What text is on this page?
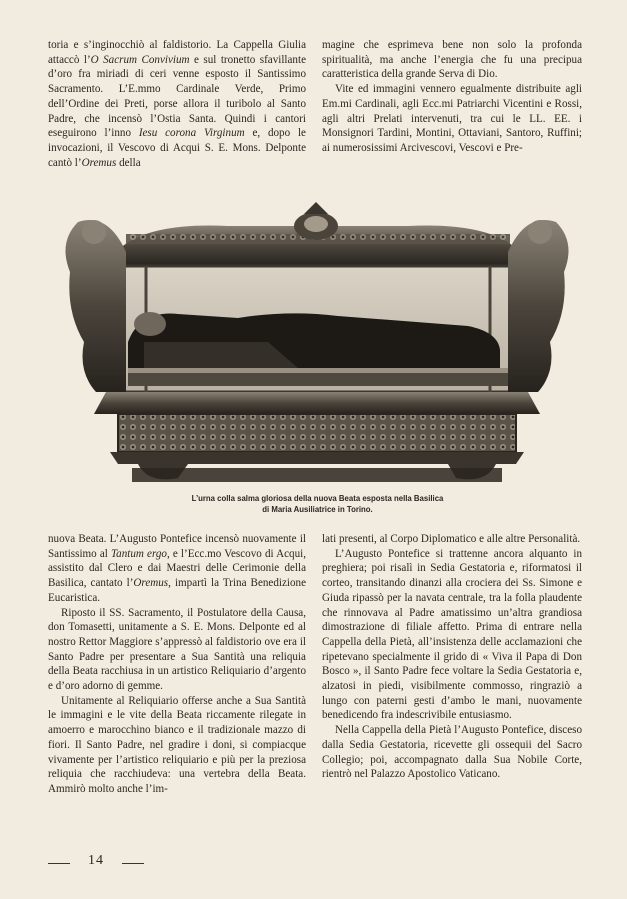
toria e s’inginocchiò al faldistorio. La Cappella Giulia attaccò l’O Sacrum Convivium e sul tronetto sfavillante d’oro fra miriadi di ceri venne esposto il Santissimo Sacramento. L’E.mmo Cardinale Verde, Primo dell’Ordine dei Preti, porse allora il turibolo al Santo Padre, che incensò l’Ostia Santa. Quindi i cantori eseguirono l’inno Iesu corona Virginum e, dopo le invocazioni, il Vescovo di Acqui S. E. Mons. Delponte cantò l’Oremus della

magine che esprimeva bene non solo la profonda spiritualità, ma anche l’energia che fu una precipua caratteristica della grande Serva di Dio.

Vite ed immagini vennero egualmente distribuite agli Em.mi Cardinali, agli Ecc.mi Patriarchi Vicentini e Rossi, agli altri Prelati intervenuti, tra cui le LL. EE. i Monsignori Tardini, Montini, Ottaviani, Santoro, Ruffini; ai numerosissimi Arcivescovi, Vescovi e Pre-

L’urna colla salma gloriosa della nuova Beata esposta nella Basilica
di Maria Ausiliatrice in Torino.

nuova Beata. L’Augusto Pontefice incensò nuovamente il Santissimo al Tantum ergo, e l’Ecc.mo Vescovo di Acqui, assistito dal Clero e dai Maestri delle Cerimonie della Basilica, cantato l’Oremus, impartì la Trina Benedizione Eucaristica.

Riposto il SS. Sacramento, il Postulatore della Causa, don Tomasetti, unitamente a S. E. Mons. Delponte ed al nostro Rettor Maggiore s’appressò al faldistorio ove era il Santo Padre per presentare a Sua Santità una reliquia della Beata racchiusa in un artistico Reliquiario d’argento e d’oro adorno di gemme.

Unitamente al Reliquiario offerse anche a Sua Santità le immagini e le vite della Beata riccamente rilegate in amoerro e marocchino bianco e il tradizionale mazzo di fiori. Il Santo Padre, nel gradire i doni, si compiacque vivamente per l’artistico reliquiario e più per la preziosa reliquia che racchiudeva: una vertebra della Beata. Ammirò molto anche l’im-

lati presenti, al Corpo Diplomatico e alle altre Personalità.

L’Augusto Pontefice si trattenne ancora alquanto in preghiera; poi risalì in Sedia Gestatoria e, riformatosi il corteo, transitando dinanzi alla crociera dei Ss. Simone e Giuda ripassò per la navata centrale, tra la folla plaudente che rinnovava al Padre amatissimo un’altra grandiosa dimostrazione di filiale affetto. Prima di entrare nella Cappella della Pietà, all’insistenza delle acclamazioni che ripetevano specialmente il grido di « Viva il Papa di Don Bosco », il Santo Padre fece voltare la Sedia Gestatoria e, alzatosi in piedi, visibilmente commosso, ringraziò a lungo con paterni gesti d’ambo le mani, nuovamente benedicendo fra indescrivibile entusiasmo.

Nella Cappella della Pietà l’Augusto Pontefice, disceso dalla Sedia Gestatoria, ricevette gli ossequii del Sacro Collegio; poi, accompagnato dalla Sua Nobile Corte, rientrò nel Palazzo Apostolico Vaticano.

14
